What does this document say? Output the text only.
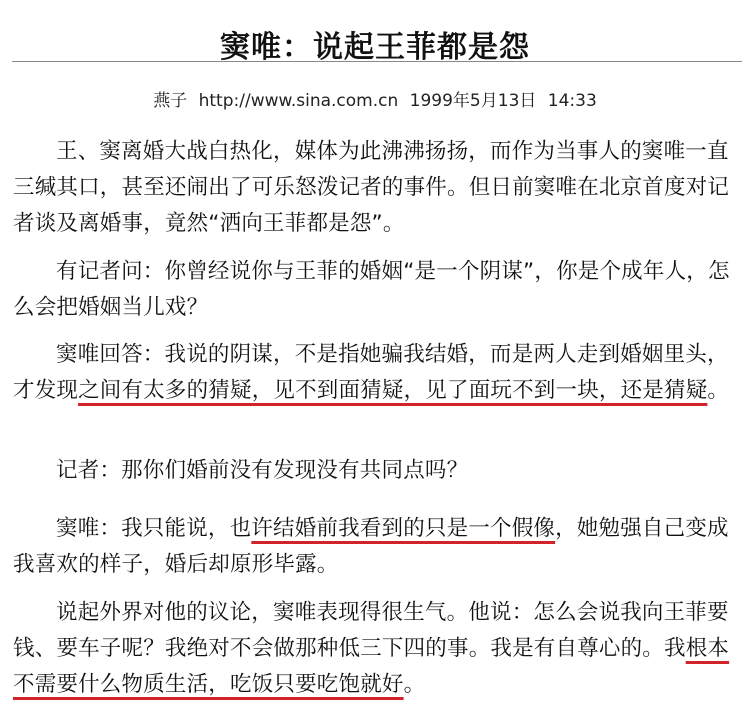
窦唯：说起王菲都是怨
燕子 http://www.sina.com.cn 1999年5月13日 14:33

王、窦离婚大战白热化，媒体为此沸沸扬扬，而作为当事人的窦唯一直三缄其口，甚至还闹出了可乐怒泼记者的事件。但日前窦唯在北京首度对记者谈及离婚事，竟然“洒向王菲都是怨”。

有记者问：你曾经说你与王菲的婚姻“是一个阴谋”，你是个成年人，怎么会把婚姻当儿戏？

窦唯回答：我说的阴谋，不是指她骗我结婚，而是两人走到婚姻里头， 才发现之间有太多的猜疑，见不到面猜疑，见了面玩不到一块，还是猜疑。

记者：那你们婚前没有发现没有共同点吗？

窦唯：我只能说，也许结婚前我看到的只是一个假像，她勉强自己变成我喜欢的样子，婚后却原形毕露。

说起外界对他的议论，窦唯表现得很生气。他说：怎么会说我向王菲要钱、要车子呢？我绝对不会做那种低三下四的事。我是有自尊心的。我根本不需要什么物质生活，吃饭只要吃饱就好。
